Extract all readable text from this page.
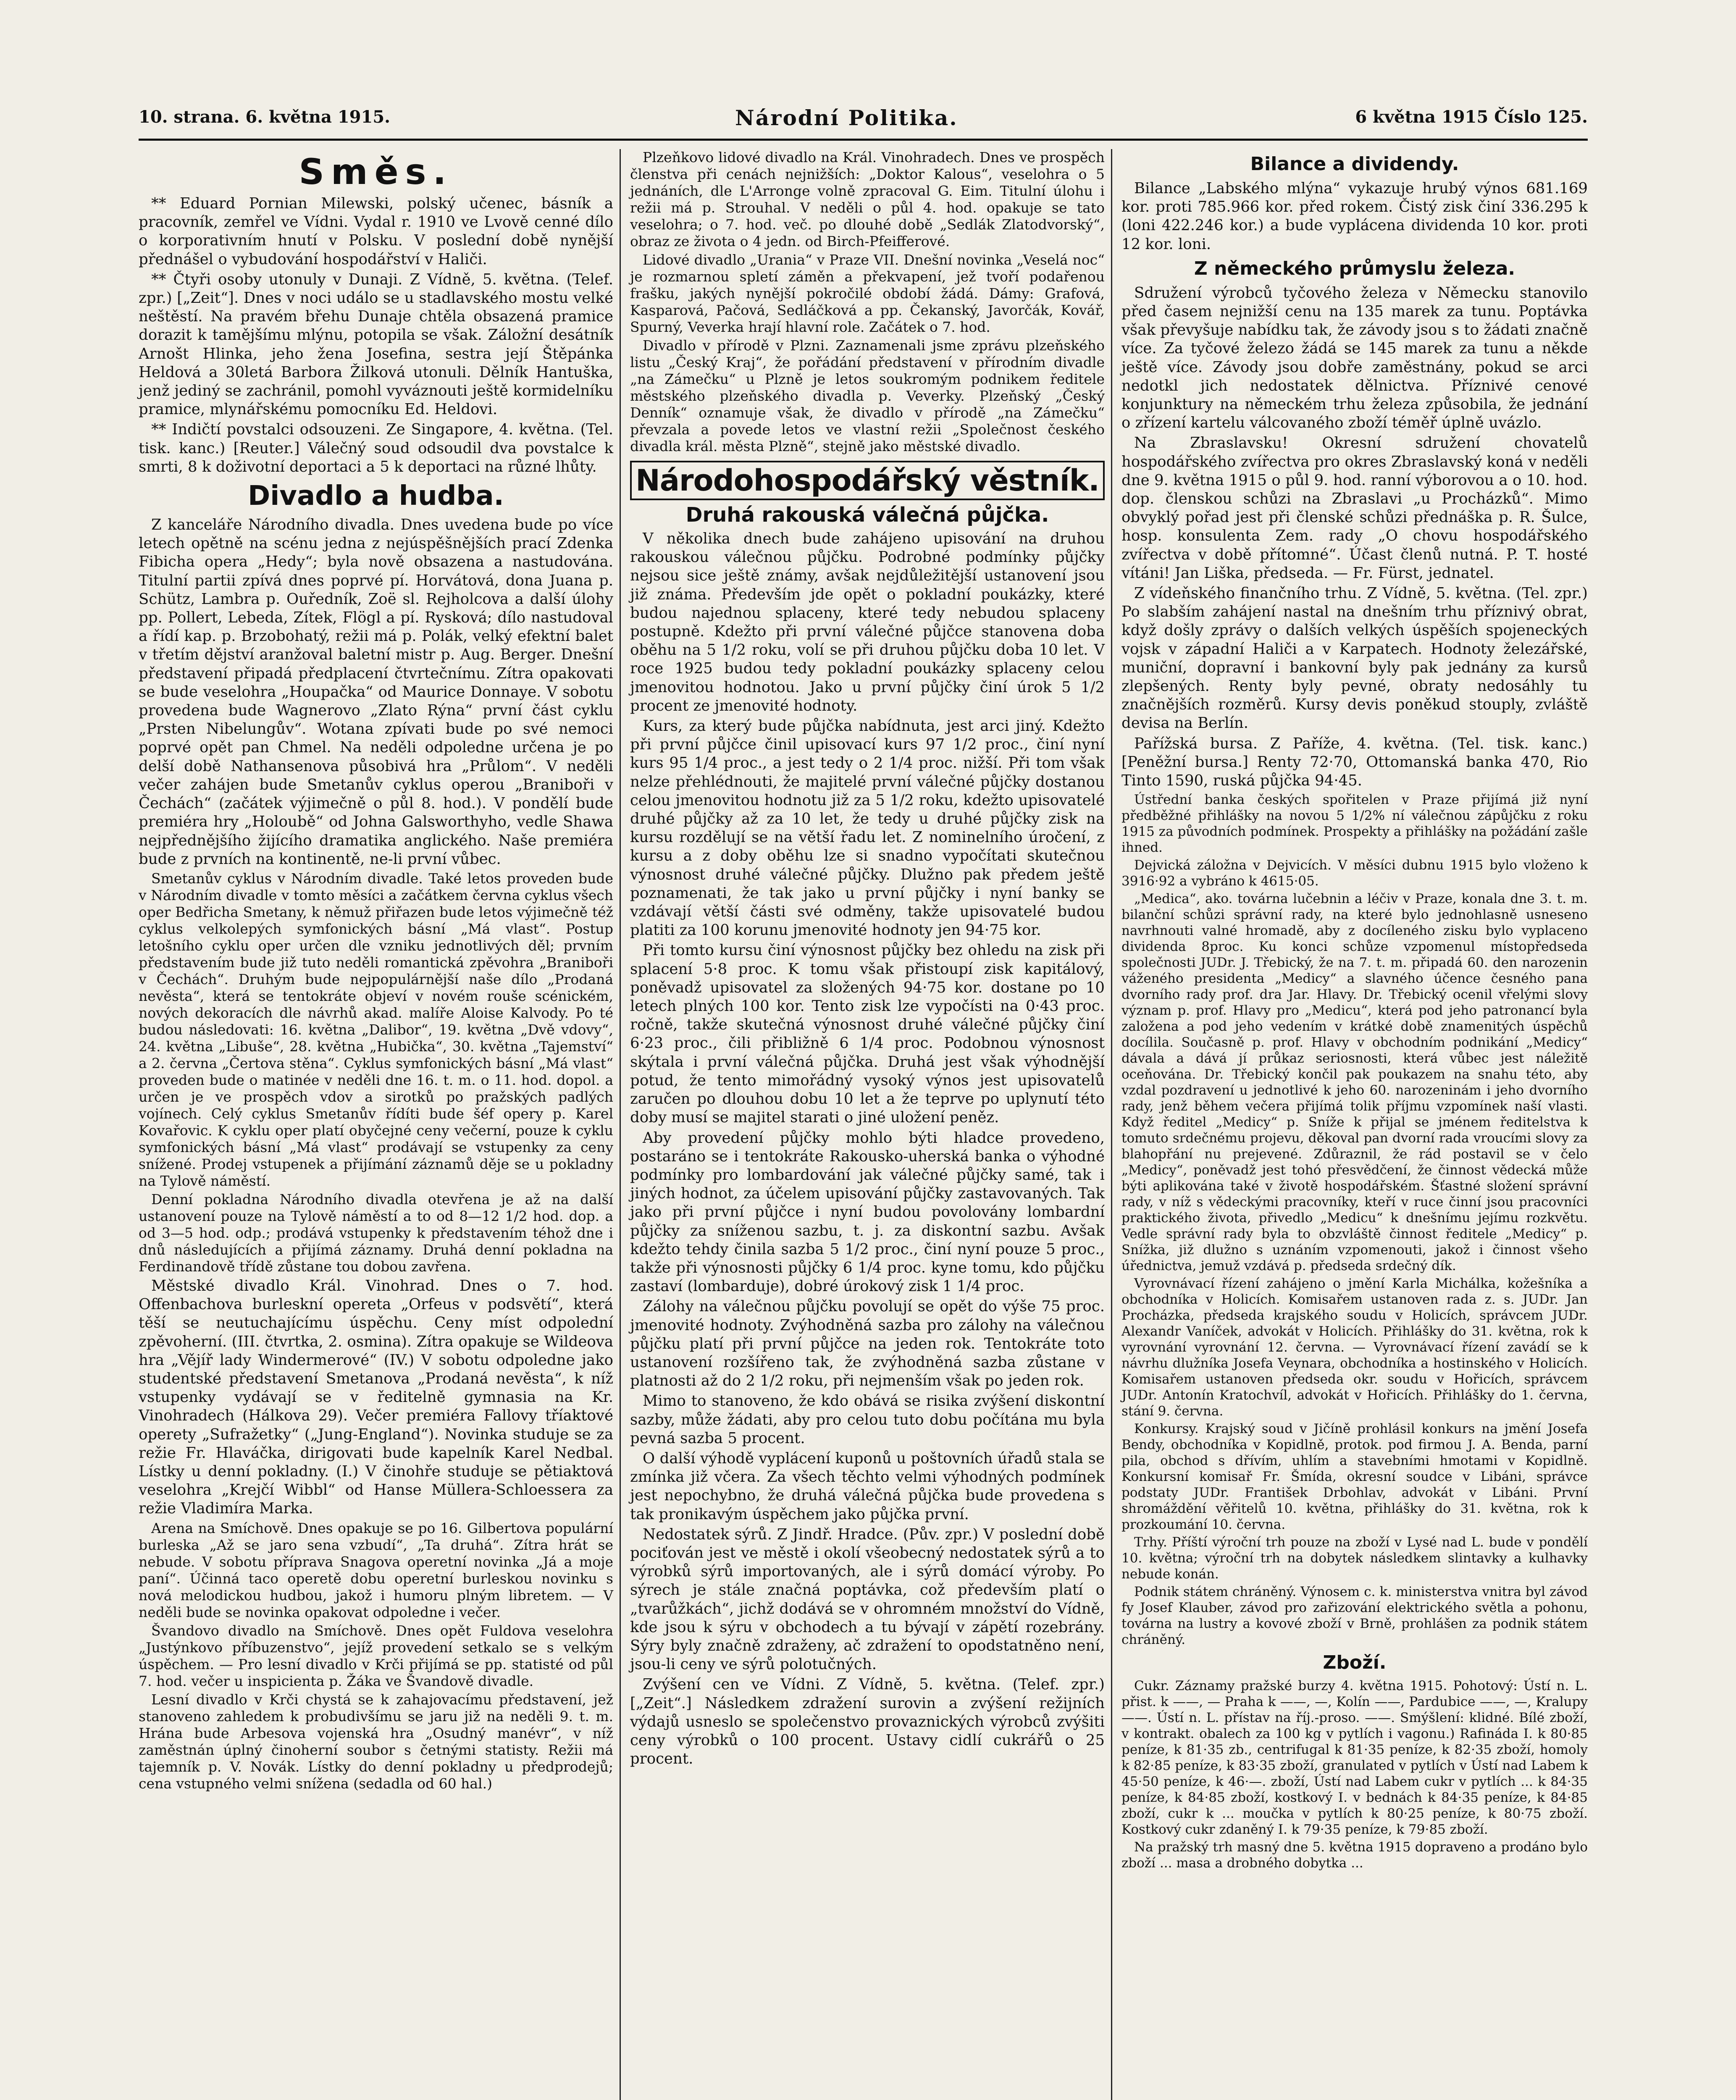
10. strana. 6. května 1915.	Národní Politika.	6 května 1915 Číslo 125.
Směs.

** Eduard Pornian Milewski, polský učenec, básník a pracovník, zemřel ve Vídni. Vydal r. 1910 ve Lvově cenné dílo o korporativním hnutí v Polsku. V poslední době nynější přednášel o vybudování hospodářství v Haliči.

** Čtyři osoby utonuly v Dunaji. Z Vídně, 5. května. (Telef. zpr.) [„Zeit“]. Dnes v noci událo se u stadlavského mostu velké neštěstí. Na pravém břehu Dunaje chtěla obsazená pramice dorazit k tamějšímu mlýnu, potopila se však. Záložní desátník Arnošt Hlinka, jeho žena Josefina, sestra její Štěpánka Heldová a 30letá Barbora Žilková utonuli. Dělník Hantuška, jenž jediný se zachránil, pomohl vyváznouti ještě kormidelníku pramice, mlynářskému pomocníku Ed. Heldovi.

** Indičtí povstalci odsouzeni. Ze Singapore, 4. května. (Tel. tisk. kanc.) [Reuter.] Válečný soud odsoudil dva povstalce k smrti, 8 k doživotní deportaci a 5 k deportaci na různé lhůty.

Divadlo a hudba.

Z kanceláře Národního divadla. Dnes uvedena bude po více letech opětně na scénu jedna z nejúspěšnějších prací Zdenka Fibicha opera „Hedy“; byla nově obsazena a nastudována. Titulní partii zpívá dnes poprvé pí. Horvátová, dona Juana p. Schütz, Lambra p. Ouředník, Zoë sl. Rejholcova a další úlohy pp. Pollert, Lebeda, Zítek, Flögl a pí. Rysková; dílo nastudoval a řídí kap. p. Brzobohatý, režii má p. Polák, velký efektní balet v třetím dějství aranžoval baletní mistr p. Aug. Berger. Dnešní představení připadá předplacení čtvrtečnímu. Zítra opakovati se bude veselohra „Houpačka“ od Maurice Donnaye. V sobotu provedena bude Wagnerovo „Zlato Rýna“ první část cyklu „Prsten Nibelungův“. Wotana zpívati bude po své nemoci poprvé opět pan Chmel. Na neděli odpoledne určena je po delší době Nathansenova působivá hra „Průlom“. V neděli večer zahájen bude Smetanův cyklus operou „Braniboři v Čechách“ (začátek výjimečně o půl 8. hod.). V pondělí bude premiéra hry „Holoubě“ od Johna Galsworthyho, vedle Shawa nejpřednějšího žijícího dramatika anglického. Naše premiéra bude z prvních na kontinentě, ne-li první vůbec.

Smetanův cyklus v Národním divadle. Také letos proveden bude v Národním divadle v tomto měsíci a začátkem června cyklus všech oper Bedřicha Smetany, k němuž přiřazen bude letos výjimečně též cyklus velkolepých symfonických básní „Má vlast“. Postup letošního cyklu oper určen dle vzniku jednotlivých děl; prvním představením bude již tuto neděli romantická zpěvohra „Braniboři v Čechách“. Druhým bude nejpopulárnější naše dílo „Prodaná nevěsta“, která se tentokráte objeví v novém rouše scénickém, nových dekoracích dle návrhů akad. malíře Aloise Kalvody. Po té budou následovati: 16. května „Dalibor“, 19. května „Dvě vdovy“, 24. května „Libuše“, 28. května „Hubička“, 30. května „Tajemství“ a 2. června „Čertova stěna“. Cyklus symfonických básní „Má vlast“ proveden bude o matinée v neděli dne 16. t. m. o 11. hod. dopol. a určen je ve prospěch vdov a sirotků po pražských padlých vojínech. Celý cyklus Smetanův řídíti bude šéf opery p. Karel Kovařovic. K cyklu oper platí obyčejné ceny večerní, pouze k cyklu symfonických básní „Má vlast“ prodávají se vstupenky za ceny snížené. Prodej vstupenek a přijímání záznamů děje se u pokladny na Tylově náměstí.

Denní pokladna Národního divadla otevřena je až na další ustanovení pouze na Tylově náměstí a to od 8—12 1/2 hod. dop. a od 3—5 hod. odp.; prodává vstupenky k představením téhož dne i dnů následujících a přijímá záznamy. Druhá denní pokladna na Ferdinandově třídě zůstane tou dobou zavřena.

Městské divadlo Král. Vinohrad. Dnes o 7. hod. Offenbachova burleskní opereta „Orfeus v podsvětí“, která těší se neutuchajícímu úspěchu. Ceny míst odpolední zpěvoherní. (III. čtvrtka, 2. osmina). Zítra opakuje se Wildeova hra „Vějíř lady Windermerové“ (IV.) V sobotu odpoledne jako studentské představení Smetanova „Prodaná nevěsta“, k níž vstupenky vydávají se v ředitelně gymnasia na Kr. Vinohradech (Hálkova 29). Večer premiéra Fallovy tříaktové operety „Sufražetky“ („Jung-England“). Novinka studuje se za režie Fr. Hlaváčka, dirigovati bude kapelník Karel Nedbal. Lístky u denní pokladny. (I.) V činohře studuje se pětiaktová veselohra „Krejčí Wibbl“ od Hanse Müllera-Schloessera za režie Vladimíra Marka.

Arena na Smíchově. Dnes opakuje se po 16. Gilbertova populární burleska „Až se jaro sena vzbudí“, „Ta druhá“. Zítra hrát se nebude. V sobotu příprava Snagova operetní novinka „Já a moje paní“. Účinná taco operetě dobu operetní burleskou novinku s nová melodickou hudbou, jakož i humoru plným libretem. — V neděli bude se novinka opakovat odpoledne i večer.

Švandovo divadlo na Smíchově. Dnes opět Fuldova veselohra „Justýnkovo příbuzenstvo“, jejíž provedení setkalo se s velkým úspěchem. — Pro lesní divadlo v Krči přijímá se pp. statisté od půl 7. hod. večer u inspicienta p. Žáka ve Švandově divadle.

Lesní divadlo v Krči chystá se k zahajovacímu představení, jež stanoveno zahledem k probudivšímu se jaru již na neděli 9. t. m. Hrána bude Arbesova vojenská hra „Osudný manévr“, v níž zaměstnán úplný činoherní soubor s četnými statisty. Režii má tajemník p. V. Novák. Lístky do denní pokladny u předprodejů; cena vstupného velmi snížena (sedadla od 60 hal.)

Plzeňkovo lidové divadlo na Král. Vinohradech. Dnes ve prospěch členstva při cenách nejnižších: „Doktor Kalous“, veselohra o 5 jednáních, dle L'Arronge volně zpracoval G. Eim. Titulní úlohu i režii má p. Strouhal. V neděli o půl 4. hod. opakuje se tato veselohra; o 7. hod. več. po dlouhé době „Sedlák Zlatodvorský“, obraz ze života o 4 jedn. od Birch-Pfeifferové.

Lidové divadlo „Urania“ v Praze VII. Dnešní novinka „Veselá noc“ je rozmarnou spletí záměn a překvapení, jež tvoří podařenou frašku, jakých nynější pokročilé období žádá. Dámy: Grafová, Kasparová, Pačová, Sedláčková a pp. Čekanský, Javorčák, Kovář, Spurný, Veverka hrají hlavní role. Začátek o 7. hod.

Divadlo v přírodě v Plzni. Zaznamenali jsme zprávu plzeňského listu „Český Kraj“, že pořádání představení v přírodním divadle „na Zámečku“ u Plzně je letos soukromým podnikem ředitele městského plzeňského divadla p. Veverky. Plzeňský „Český Denník“ oznamuje však, že divadlo v přírodě „na Zámečku“ převzala a povede letos ve vlastní režii „Společnost českého divadla král. města Plzně“, stejně jako městské divadlo.

Národohospodářský věstník.
Druhá rakouská válečná půjčka.

V několika dnech bude zahájeno upisování na druhou rakouskou válečnou půjčku. Podrobné podmínky půjčky nejsou sice ještě známy, avšak nejdůležitější ustanovení jsou již známa. Především jde opět o pokladní poukázky, které budou najednou splaceny, které tedy nebudou splaceny postupně. Kdežto při první válečné půjčce stanovena doba oběhu na 5 1/2 roku, volí se při druhou půjčku doba 10 let. V roce 1925 budou tedy pokladní poukázky splaceny celou jmenovitou hodnotou. Jako u první půjčky činí úrok 5 1/2 procent ze jmenovité hodnoty.

Kurs, za který bude půjčka nabídnuta, jest arci jiný. Kdežto při první půjčce činil upisovací kurs 97 1/2 proc., činí nyní kurs 95 1/4 proc., a jest tedy o 2 1/4 proc. nižší. Při tom však nelze přehlédnouti, že majitelé první válečné půjčky dostanou celou jmenovitou hodnotu již za 5 1/2 roku, kdežto upisovatelé druhé půjčky až za 10 let, že tedy u druhé půjčky zisk na kursu rozdělují se na větší řadu let. Z nominelního úročení, z kursu a z doby oběhu lze si snadno vypočítati skutečnou výnosnost druhé válečné půjčky. Dlužno pak předem ještě poznamenati, že tak jako u první půjčky i nyní banky se vzdávají větší části své odměny, takže upisovatelé budou platiti za 100 korunu jmenovité hodnoty jen 94·75 kor.

Při tomto kursu činí výnosnost půjčky bez ohledu na zisk při splacení 5·8 proc. K tomu však přistoupí zisk kapitálový, poněvadž upisovatel za složených 94·75 kor. dostane po 10 letech plných 100 kor. Tento zisk lze vypočísti na 0·43 proc. ročně, takže skutečná výnosnost druhé válečné půjčky činí 6·23 proc., čili přibližně 6 1/4 proc. Podobnou výnosnost skýtala i první válečná půjčka. Druhá jest však výhodnější potud, že tento mimořádný vysoký výnos jest upisovatelů zaručen po dlouhou dobu 10 let a že teprve po uplynutí této doby musí se majitel starati o jiné uložení peněz.

Aby provedení půjčky mohlo býti hladce provedeno, postaráno se i tentokráte Rakousko-uherská banka o výhodné podmínky pro lombardování jak válečné půjčky samé, tak i jiných hodnot, za účelem upisování půjčky zastavovaných. Tak jako při první půjčce i nyní budou povolovány lombardní půjčky za sníženou sazbu, t. j. za diskontní sazbu. Avšak kdežto tehdy činila sazba 5 1/2 proc., činí nyní pouze 5 proc., takže při výnosnosti půjčky 6 1/4 proc. kyne tomu, kdo půjčku zastaví (lombarduje), dobré úrokový zisk 1 1/4 proc.

Zálohy na válečnou půjčku povolují se opět do výše 75 proc. jmenovité hodnoty. Zvýhodněná sazba pro zálohy na válečnou půjčku platí při první půjčce na jeden rok. Tentokráte toto ustanovení rozšířeno tak, že zvýhodněná sazba zůstane v platnosti až do 2 1/2 roku, při nejmenším však po jeden rok.

Mimo to stanoveno, že kdo obává se risika zvýšení diskontní sazby, může žádati, aby pro celou tuto dobu počítána mu byla pevná sazba 5 procent.

O další výhodě vyplácení kuponů u poštovních úřadů stala se zmínka již včera. Za všech těchto velmi výhodných podmínek jest nepochybno, že druhá válečná půjčka bude provedena s tak pronikavým úspěchem jako půjčka první.

Nedostatek sýrů. Z Jindř. Hradce. (Pův. zpr.) V poslední době pociťován jest ve městě i okolí všeobecný nedostatek sýrů a to výrobků sýrů importovaných, ale i sýrů domácí výroby. Po sýrech je stále značná poptávka, což především platí o „tvarůžkách“, jichž dodává se v ohromném množství do Vídně, kde jsou k sýru v obchodech a tu bývají v zápětí rozebrány. Sýry byly značně zdraženy, ač zdražení to opodstatněno není, jsou-li ceny ve sýrů polotučných.

Zvýšení cen ve Vídni. Z Vídně, 5. května. (Telef. zpr.) [„Zeit“.] Následkem zdražení surovin a zvýšení režijních výdajů usneslo se společenstvo provaznických výrobců zvýšiti ceny výrobků o 100 procent. Ustavy cidlí cukrářů o 25 procent.

Bilance a dividendy.

Bilance „Labského mlýna“ vykazuje hrubý výnos 681.169 kor. proti 785.966 kor. před rokem. Čistý zisk činí 336.295 k (loni 422.246 kor.) a bude vyplácena dividenda 10 kor. proti 12 kor. loni.

Z německého průmyslu železa.

Sdružení výrobců tyčového železa v Německu stanovilo před časem nejnižší cenu na 135 marek za tunu. Poptávka však převyšuje nabídku tak, že závody jsou s to žádati značně více. Za tyčové železo žádá se 145 marek za tunu a někde ještě více. Závody jsou dobře zaměstnány, pokud se arci nedotkl jich nedostatek dělnictva. Příznivé cenové konjunktury na německém trhu železa způsobila, že jednání o zřízení kartelu válcovaného zboží téměř úplně uvázlo.

Na Zbraslavsku! Okresní sdružení chovatelů hospodářského zvířectva pro okres Zbraslavský koná v neděli dne 9. května 1915 o půl 9. hod. ranní výborovou a o 10. hod. dop. členskou schůzi na Zbraslavi „u Procházků“. Mimo obvyklý pořad jest při členské schůzi přednáška p. R. Šulce, hosp. konsulenta Zem. rady „O chovu hospodářského zvířectva v době přítomné“. Účast členů nutná. P. T. hosté vítáni! Jan Liška, předseda. — Fr. Fürst, jednatel.

Z vídeňského finančního trhu. Z Vídně, 5. května. (Tel. zpr.) Po slabším zahájení nastal na dnešním trhu příznivý obrat, když došly zprávy o dalších velkých úspěších spojeneckých vojsk v západní Haliči a v Karpatech. Hodnoty železářské, muniční, dopravní i bankovní byly pak jednány za kursů zlepšených. Renty byly pevné, obraty nedosáhly tu značnějších rozměrů. Kursy devis poněkud stouply, zvláště devisa na Berlín.

Pařížská bursa. Z Paříže, 4. května. (Tel. tisk. kanc.) [Peněžní bursa.] Renty 72·70, Ottomanská banka 470, Rio Tinto 1590, ruská půjčka 94·45.

Ústřední banka českých spořitelen v Praze přijímá již nyní předběžné přihlášky na novou 5 1/2% ní válečnou zápůjčku z roku 1915 za původních podmínek. Prospekty a přihlášky na požádání zašle ihned.

Dejvická záložna v Dejvicích. V měsíci dubnu 1915 bylo vloženo k 3916·92 a vybráno k 4615·05.

„Medica“, ako. továrna lučebnin a léčiv v Praze, konala dne 3. t. m. bilanční schůzi správní rady, na které bylo jednohlasně usneseno navrhnouti valné hromadě, aby z docíleného zisku bylo vyplaceno dividenda 8proc. Ku konci schůze vzpomenul místopředseda společnosti JUDr. J. Třebický, že na 7. t. m. připadá 60. den narozenin váženého presidenta „Medicy“ a slavného účence česného pana dvorního rady prof. dra Jar. Hlavy. Dr. Třebický ocenil vřelými slovy význam p. prof. Hlavy pro „Medicu“, která pod jeho patronancí byla založena a pod jeho vedením v krátké době znamenitých úspěchů docílila. Současně p. prof. Hlavy v obchodním podnikání „Medicy“ dávala a dává jí průkaz seriosnosti, která vůbec jest náležitě oceňována. Dr. Třebický končil pak poukazem na snahu této, aby vzdal pozdravení u jednotlivé k jeho 60. narozeninám i jeho dvorního rady, jenž během večera přijímá tolik příjmu vzpomínek naší vlasti. Když ředitel „Medicy“ p. Sníže k přijal se jménem ředitelstva k tomuto srdečnému projevu, děkoval pan dvorní rada vroucími slovy za blahopřání nu prejevené. Zdůraznil, že rád postavil se v čelo „Medicy“, poněvadž jest tohó přesvědčení, že činnost vědecká může býti aplikována také v životě hospodářském. Šťastné složení správní rady, v níž s vědeckými pracovníky, kteří v ruce činní jsou pracovníci praktického života, přivedlo „Medicu“ k dnešnímu jejímu rozkvětu. Vedle správní rady byla to obzvláště činnost ředitele „Medicy“ p. Snížka, již dlužno s uznáním vzpomenouti, jakož i činnost všeho úřednictva, jemuž vzdává p. předseda srdečný dík.

Vyrovnávací řízení zahájeno o jmění Karla Michálka, kožešníka a obchodníka v Holicích. Komisařem ustanoven rada z. s. JUDr. Jan Procházka, předseda krajského soudu v Holicích, správcem JUDr. Alexandr Vaníček, advokát v Holicích. Přihlášky do 31. května, rok k vyrovnání vyrovnání 12. června. — Vyrovnávací řízení zavádí se k návrhu dlužníka Josefa Veynara, obchodníka a hostinského v Holicích. Komisařem ustanoven předseda okr. soudu v Hořicích, správcem JUDr. Antonín Kratochvíl, advokát v Hořicích. Přihlášky do 1. června, stání 9. června.

Konkursy. Krajský soud v Jičíně prohlásil konkurs na jmění Josefa Bendy, obchodníka v Kopidlně, protok. pod firmou J. A. Benda, parní pila, obchod s dřívím, uhlím a stavebními hmotami v Kopidlně. Konkursní komisař Fr. Šmída, okresní soudce v Libáni, správce podstaty JUDr. František Drbohlav, advokát v Libáni. První shromáždění věřitelů 10. května, přihlášky do 31. května, rok k prozkoumání 10. června.

Trhy. Příští výroční trh pouze na zboží v Lysé nad L. bude v pondělí 10. května; výroční trh na dobytek následkem slintavky a kulhavky nebude konán.

Podnik státem chráněný. Výnosem c. k. ministerstva vnitra byl závod fy Josef Klauber, závod pro zařizování elektrického světla a pohonu, továrna na lustry a kovové zboží v Brně, prohlášen za podnik státem chráněný.

Zboží.

Cukr. Záznamy pražské burzy 4. května 1915. Pohotový: Ústí n. L. přist. k ——, — Praha k ——, —, Kolín ——, Pardubice ——, —, Kralupy ——. Ústí n. L. přístav na říj.-proso. ——. Smýšlení: klidné. Bílé zboží, v kontrakt. obalech za 100 kg v pytlích i vagonu.) Rafináda I. k 80·85 peníze, k 81·35 zb., centrifugal k 81·35 peníze, k 82·35 zboží, homoly k 82·85 peníze, k 83·35 zboží, granulated v pytlích v Ústí nad Labem k 45·50 peníze, k 46·—. zboží, Ústí nad Labem cukr v pytlích ... k 84·35 peníze, k 84·85 zboží, kostkový I. v bednách k 84·35 peníze, k 84·85 zboží, cukr k ... moučka v pytlích k 80·25 peníze, k 80·75 zboží. Kostkový cukr zdaněný I. k 79·35 peníze, k 79·85 zboží.

Na pražský trh masný dne 5. května 1915 dopraveno a prodáno bylo zboží ... masa a drobného dobytka ...
